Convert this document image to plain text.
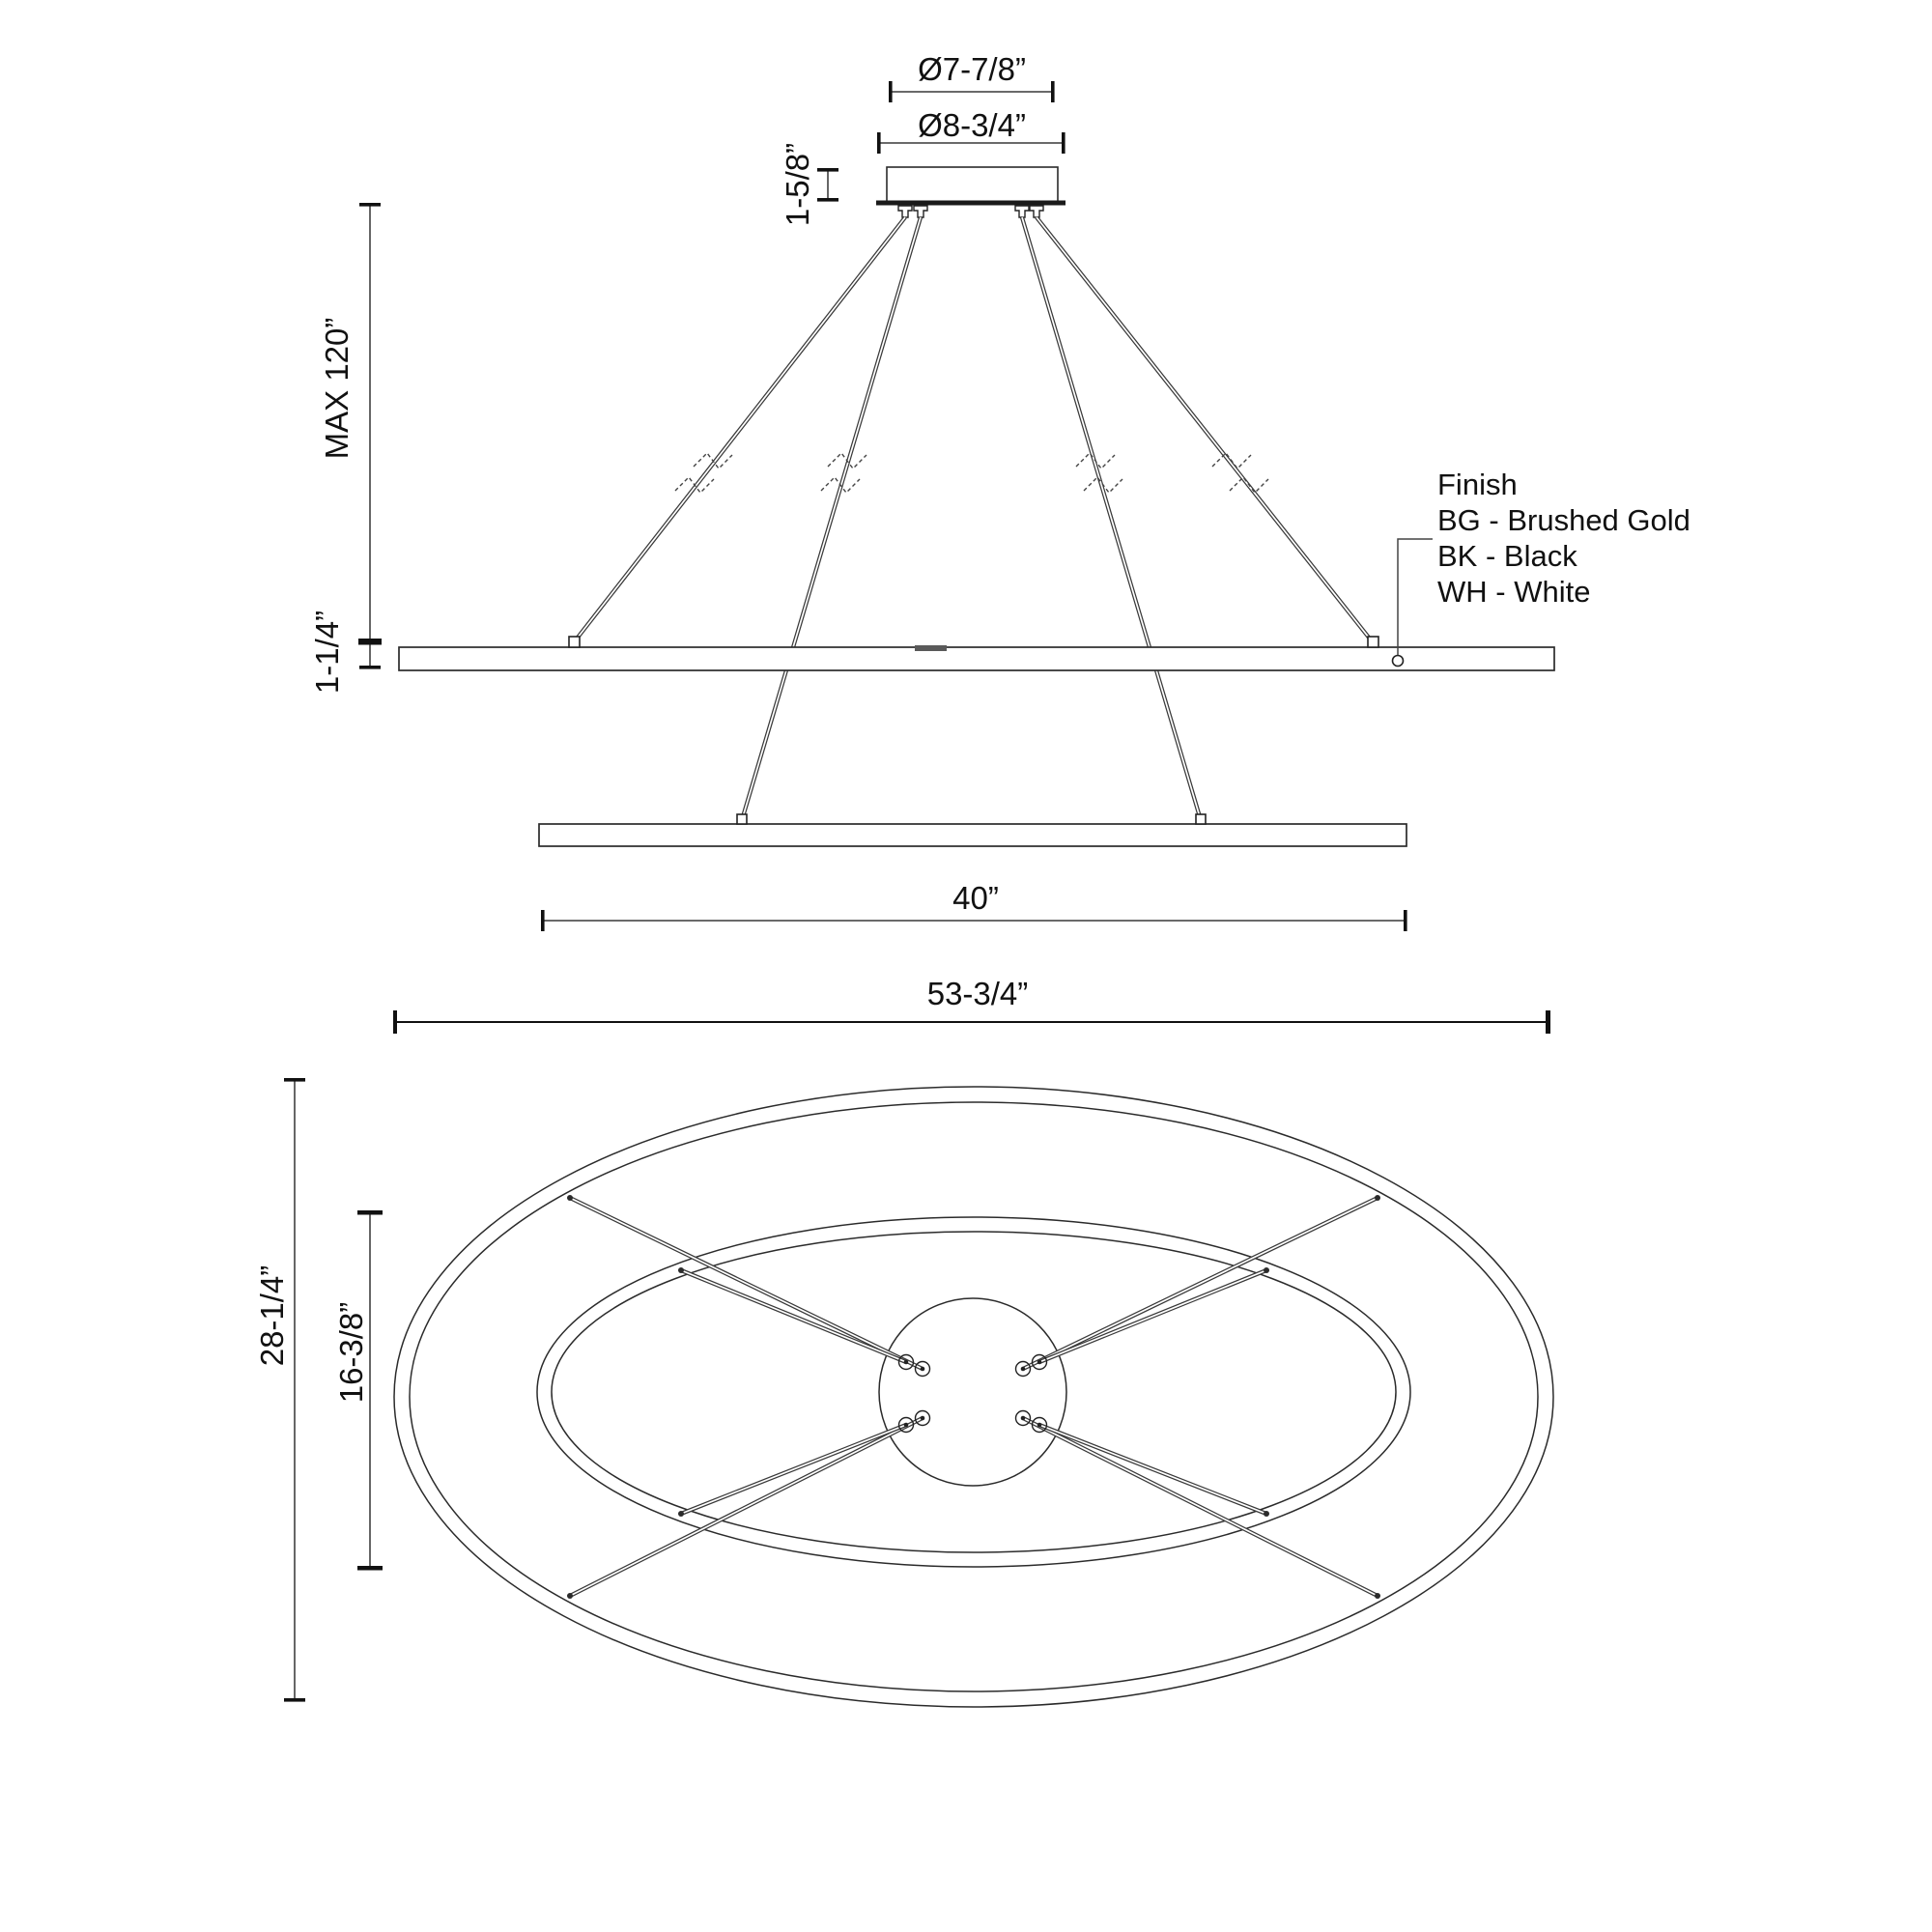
Finish
BG - Brushed Gold
BK - Black
WH - White
Ø7-7/8”
Ø8-3/4”
1-5/8”
MAX 120”
1-1/4”
40”
53-3/4”
28-1/4” 16-3/8”
